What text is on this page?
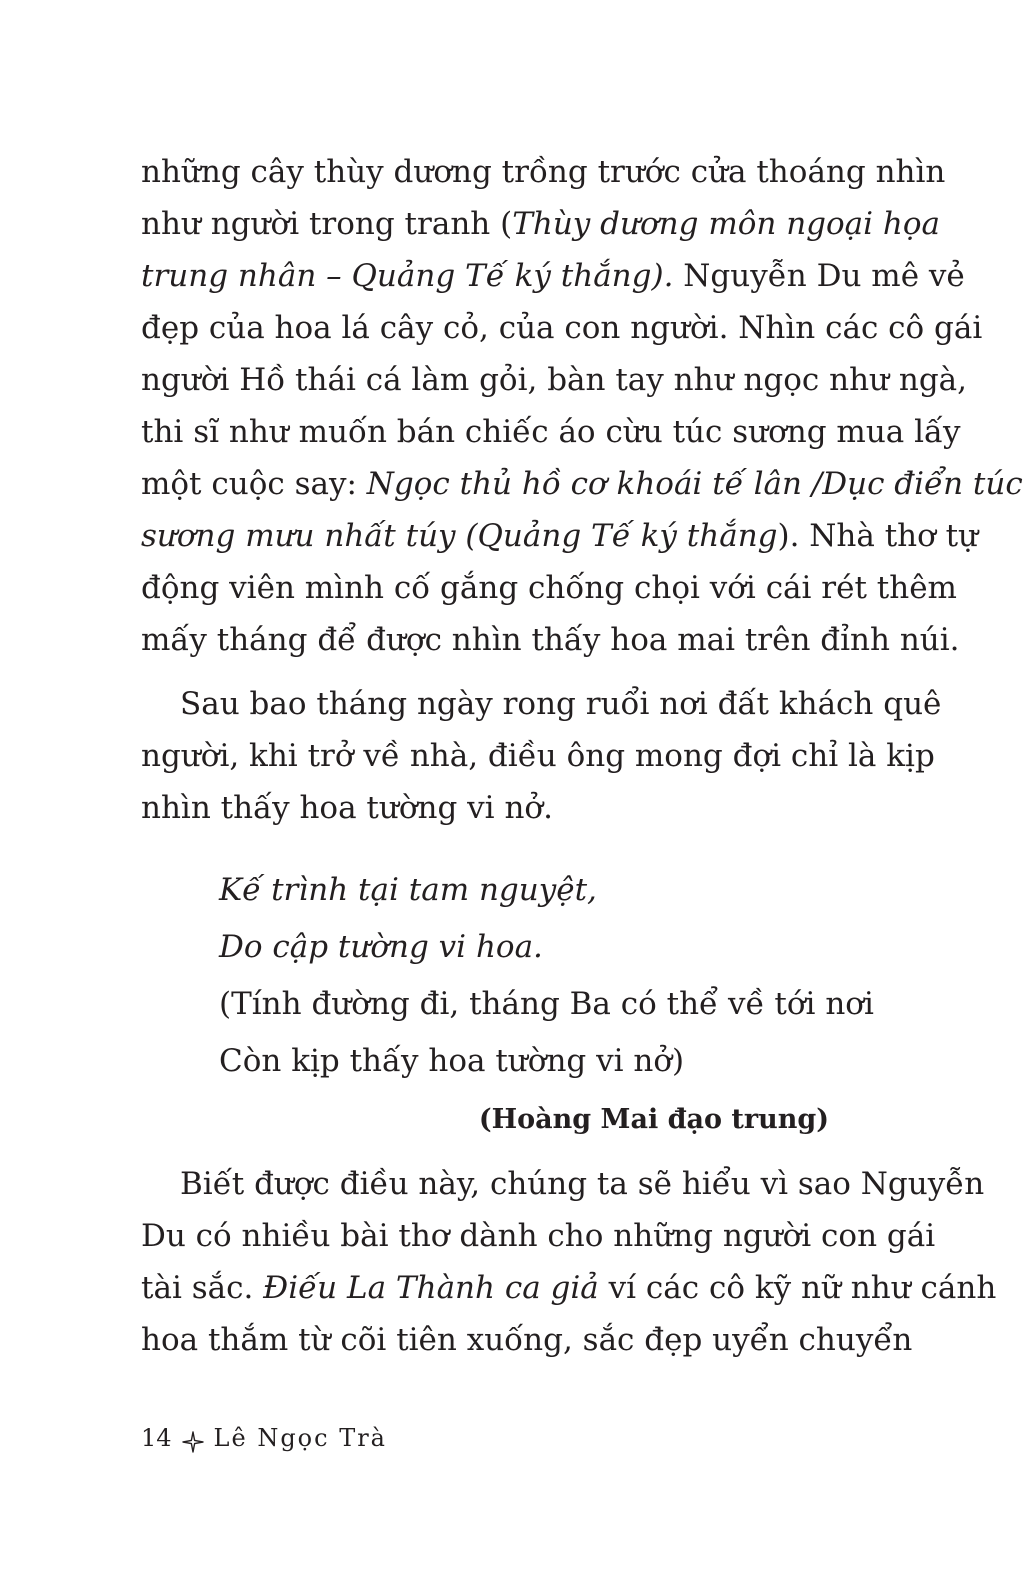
những cây thùy dương trồng trước cửa thoáng nhìn
như người trong tranh (Thùy dương môn ngoại họa
trung nhân – Quảng Tế ký thắng). Nguyễn Du mê vẻ
đẹp của hoa lá cây cỏ, của con người. Nhìn các cô gái
người Hồ thái cá làm gỏi, bàn tay như ngọc như ngà,
thi sĩ như muốn bán chiếc áo cừu túc sương mua lấy
một cuộc say: Ngọc thủ hồ cơ khoái tế lân /Dục điển túc
sương mưu nhất túy (Quảng Tế ký thắng). Nhà thơ tự
động viên mình cố gắng chống chọi với cái rét thêm
mấy tháng để được nhìn thấy hoa mai trên đỉnh núi.
Sau bao tháng ngày rong ruổi nơi đất khách quê
người, khi trở về nhà, điều ông mong đợi chỉ là kịp
nhìn thấy hoa tường vi nở.
Kế trình tại tam nguyệt,
Do cập tường vi hoa.
(Tính đường đi, tháng Ba có thể về tới nơi
Còn kịp thấy hoa tường vi nở)
(Hoàng Mai đạo trung)
Biết được điều này, chúng ta sẽ hiểu vì sao Nguyễn
Du có nhiều bài thơ dành cho những người con gái
tài sắc. Điếu La Thành ca giả ví các cô kỹ nữ như cánh
hoa thắm từ cõi tiên xuống, sắc đẹp uyển chuyển
14 Lê Ngọc Trà
